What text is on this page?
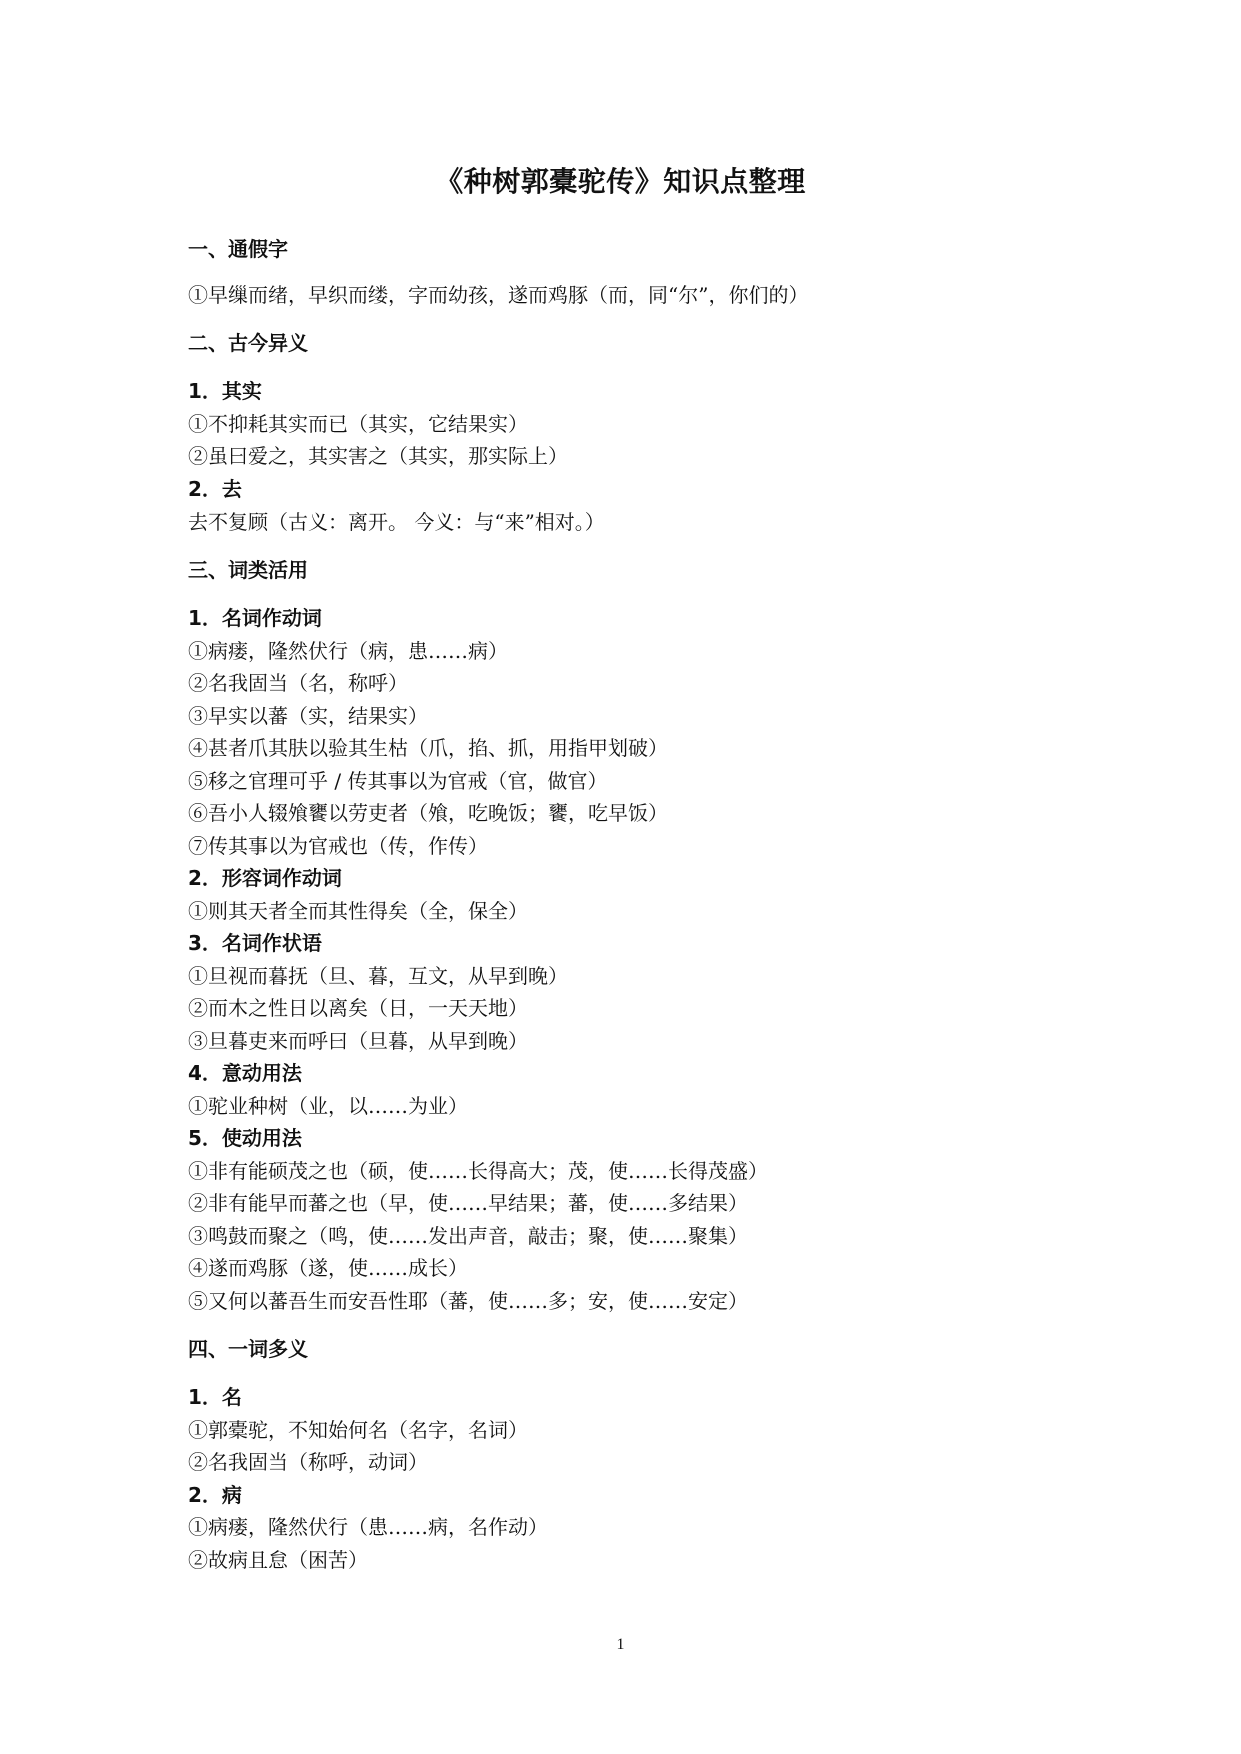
《种树郭橐驼传》知识点整理
一、通假字
①早缫而绪，早织而缕，字而幼孩，遂而鸡豚（而，同“尔”，你们的）
二、古今异义
1．其实
①不抑耗其实而已（其实，它结果实）
②虽曰爱之，其实害之（其实，那实际上）
2．去
去不复顾（古义：离开。 今义：与“来”相对。）
三、词类活用
1．名词作动词
①病瘘，隆然伏行（病，患……病）
②名我固当（名，称呼）
③早实以蕃（实，结果实）
④甚者爪其肤以验其生枯（爪，掐、抓，用指甲划破）
⑤移之官理可乎 / 传其事以为官戒（官，做官）
⑥吾小人辍飧饔以劳吏者（飧，吃晚饭；饔，吃早饭）
⑦传其事以为官戒也（传，作传）
2．形容词作动词
①则其天者全而其性得矣（全，保全）
3．名词作状语
①旦视而暮抚（旦、暮，互文，从早到晚）
②而木之性日以离矣（日，一天天地）
③旦暮吏来而呼曰（旦暮，从早到晚）
4．意动用法
①驼业种树（业，以……为业）
5．使动用法
①非有能硕茂之也（硕，使……长得高大；茂，使……长得茂盛）
②非有能早而蕃之也（早，使……早结果；蕃，使……多结果）
③鸣鼓而聚之（鸣，使……发出声音，敲击；聚，使……聚集）
④遂而鸡豚（遂，使……成长）
⑤又何以蕃吾生而安吾性耶（蕃，使……多；安，使……安定）
四、一词多义
1．名
①郭橐驼，不知始何名（名字，名词）
②名我固当（称呼，动词）
2．病
①病瘘，隆然伏行（患……病，名作动）
②故病且怠（困苦）
1
